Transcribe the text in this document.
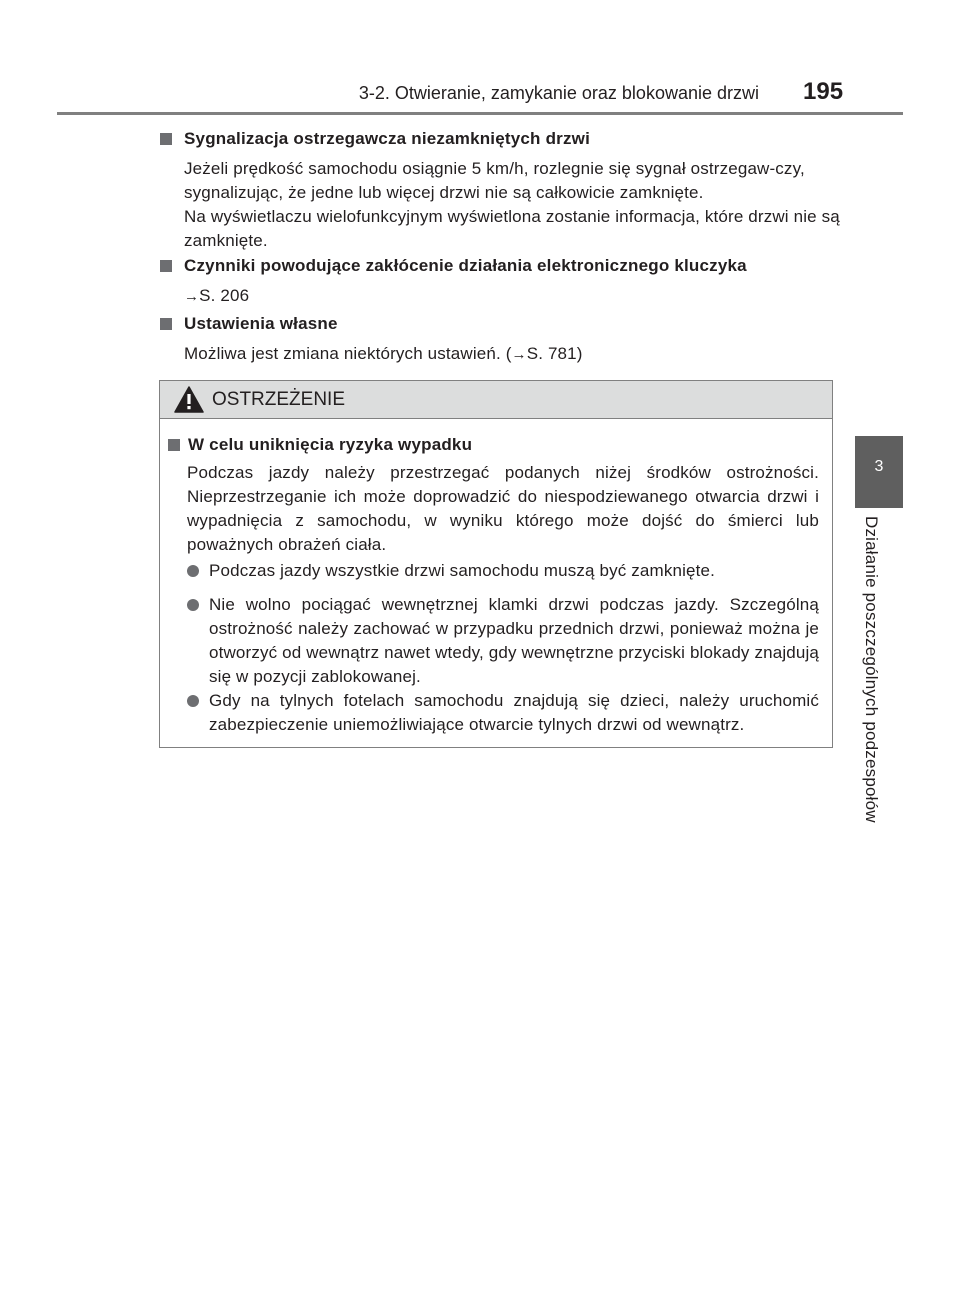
3-2. Otwieranie, zamykanie oraz blokowanie drzwi 195
3
Działanie poszczególnych podzespołów
Sygnalizacja ostrzegawcza niezamkniętych drzwi
Jeżeli prędkość samochodu osiągnie 5 km/h, rozlegnie się sygnał ostrzegaw-czy, sygnalizując, że jedne lub więcej drzwi nie są całkowicie zamknięte.
Na wyświetlaczu wielofunkcyjnym wyświetlona zostanie informacja, które drzwi nie są zamknięte.
Czynniki powodujące zakłócenie działania elektronicznego kluczyka
→S. 206
Ustawienia własne
Możliwa jest zmiana niektórych ustawień. (→S. 781)
OSTRZEŻENIE
W celu uniknięcia ryzyka wypadku
Podczas jazdy należy przestrzegać podanych niżej środków ostrożności. Nieprzestrzeganie ich może doprowadzić do niespodziewanego otwarcia drzwi i wypadnięcia z samochodu, w wyniku którego może dojść do śmierci lub poważnych obrażeń ciała.
Podczas jazdy wszystkie drzwi samochodu muszą być zamknięte.
Nie wolno pociągać wewnętrznej klamki drzwi podczas jazdy. Szczególną ostrożność należy zachować w przypadku przednich drzwi, ponieważ można je otworzyć od wewnątrz nawet wtedy, gdy wewnętrzne przyciski blokady znajdują się w pozycji zablokowanej.
Gdy na tylnych fotelach samochodu znajdują się dzieci, należy uruchomić zabezpieczenie uniemożliwiające otwarcie tylnych drzwi od wewnątrz.
